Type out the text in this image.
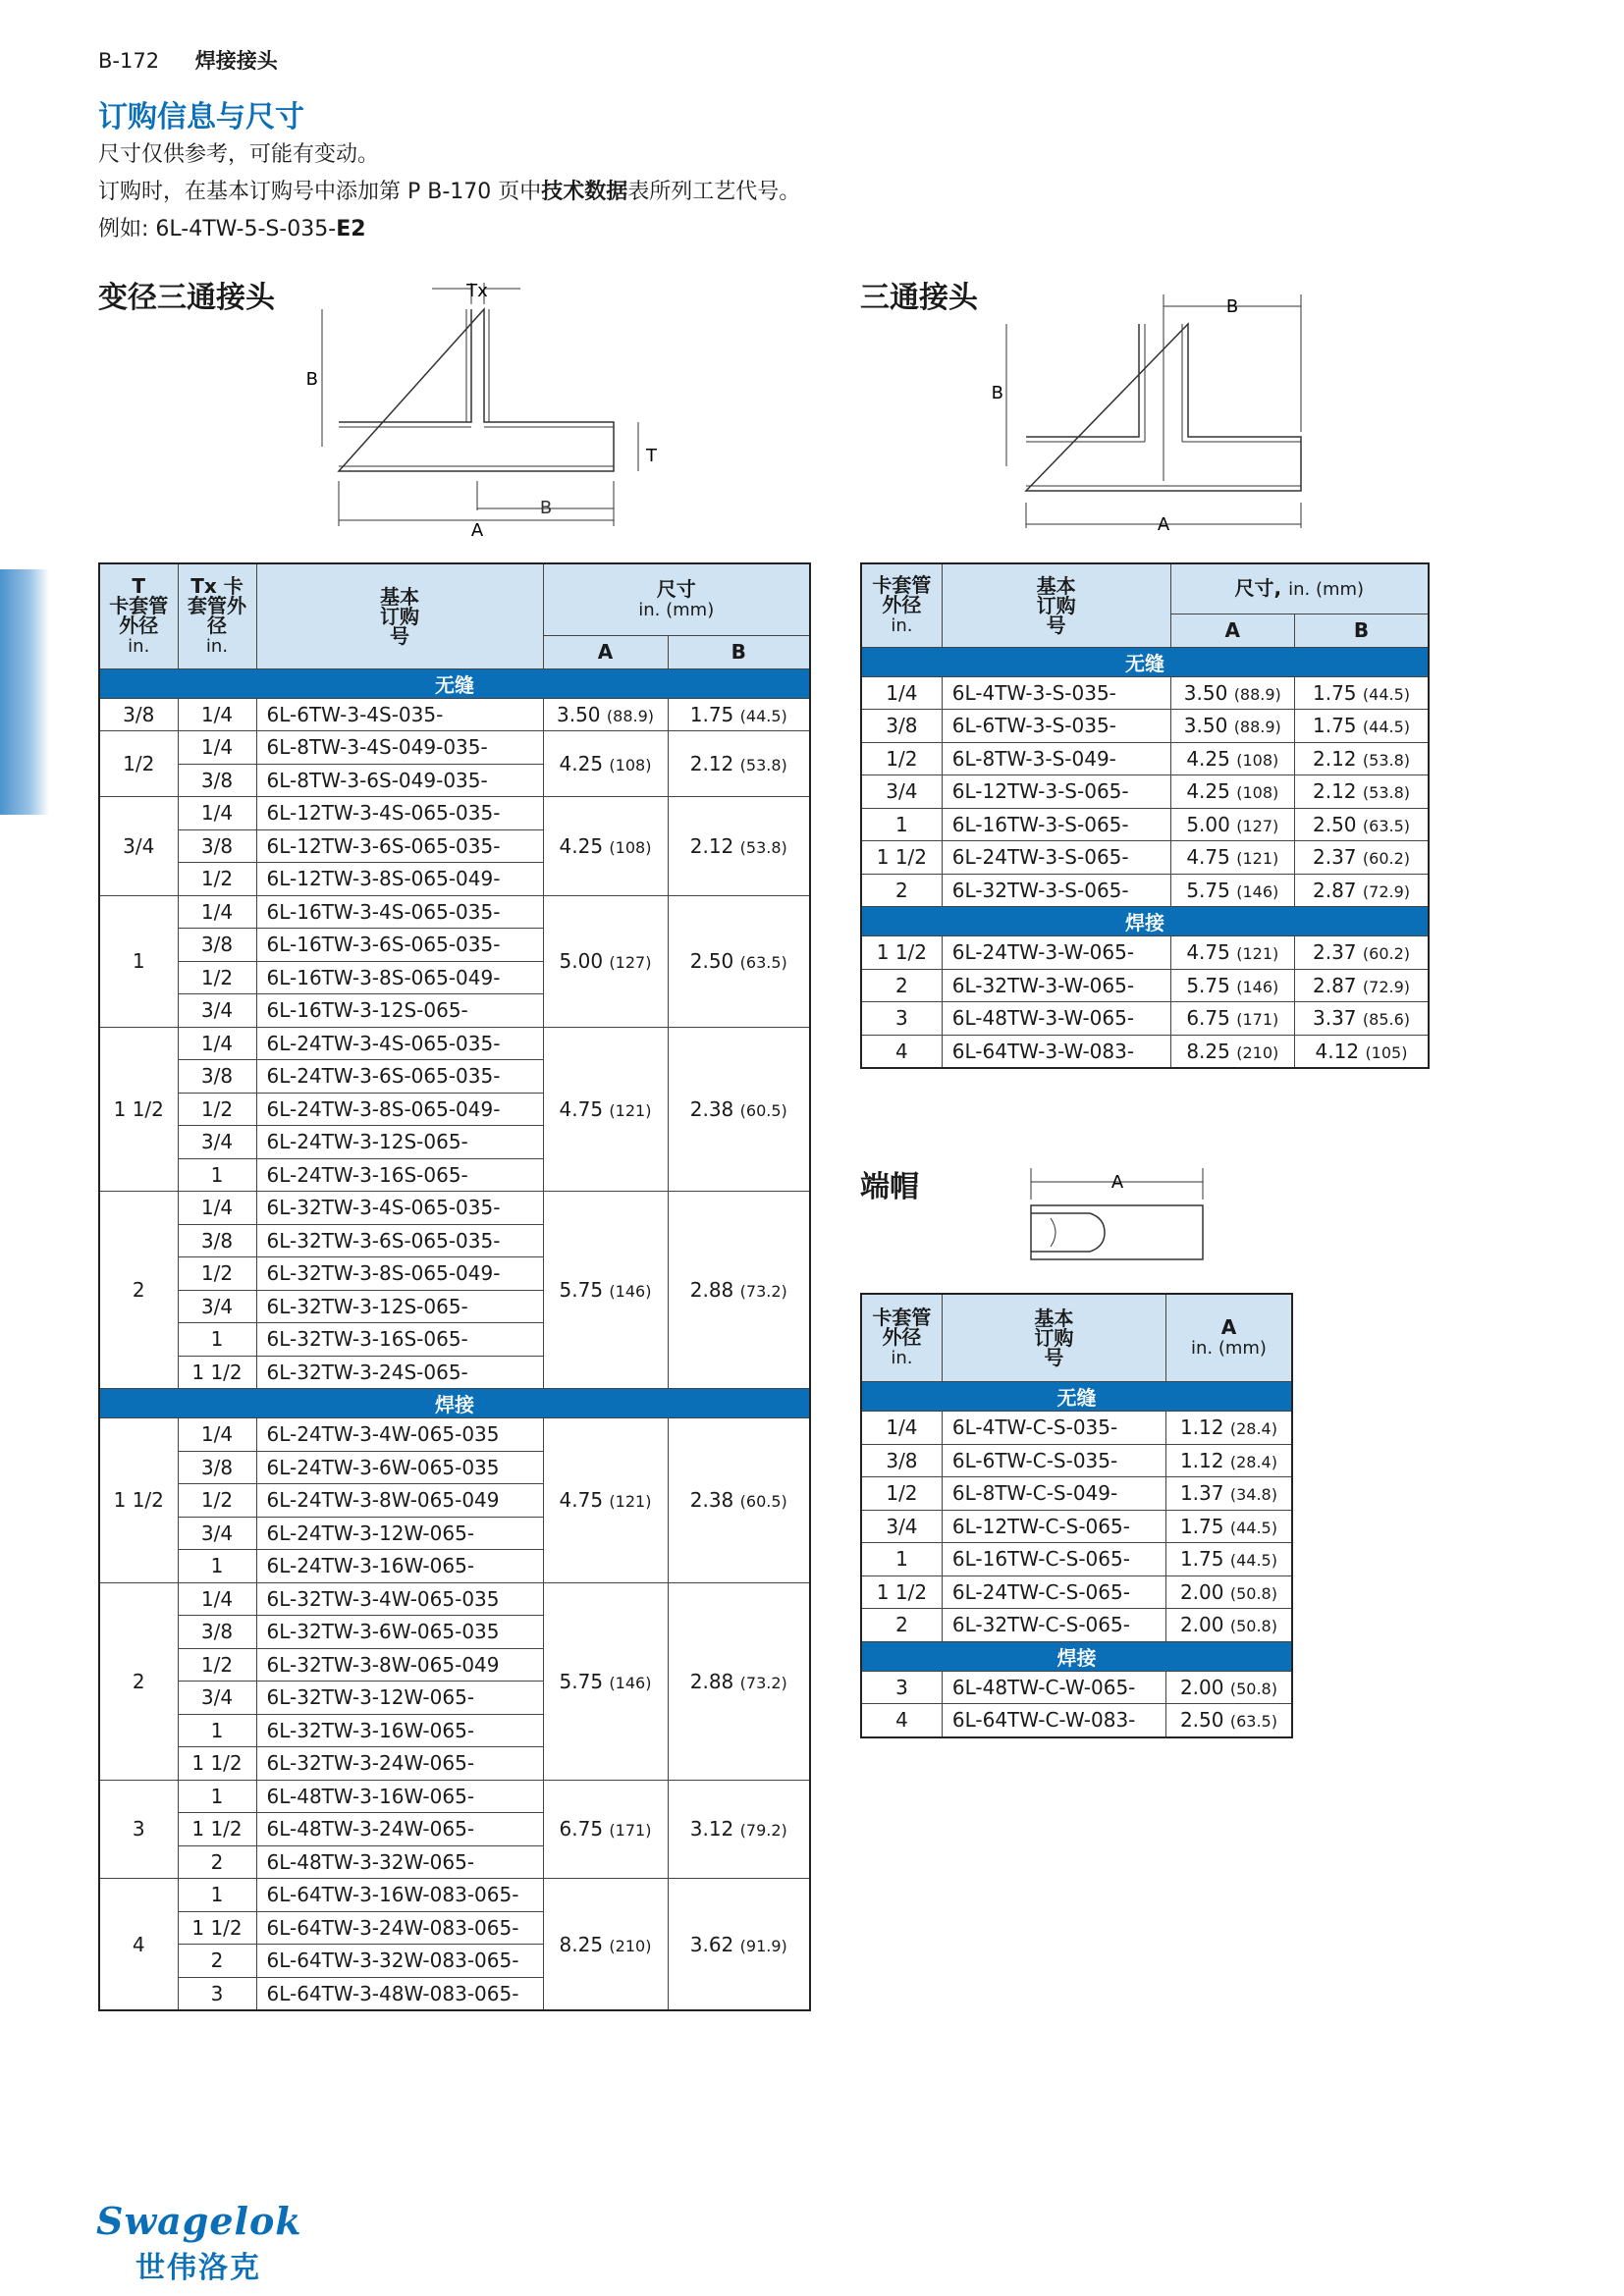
B-172 焊接接头
订购信息与尺寸
尺寸仅供参考，可能有变动。
订购时，在基本订购号中添加第 P B-170 页中技术数据表所列工艺代号。
例如: 6L-4TW-5-S-035-E2
变径三通接头	三通接头
端帽
Tx
B
T
A
B
B
B
A
A
T
卡套管
外径
in.	Tx 卡
套管外
径
in.	基本
订购
号	尺寸
in. (mm)	
			A	B
无缝				
3/8	1/4	6L-6TW-3-4S-035-	3.50 (88.9)	1.75 (44.5)
1/2	1/4	6L-8TW-3-4S-049-035-	4.25 (108)	2.12 (53.8)
	3/8	6L-8TW-3-6S-049-035-		
3/4	1/4	6L-12TW-3-4S-065-035-	4.25 (108)	2.12 (53.8)
	3/8	6L-12TW-3-6S-065-035-		
	1/2	6L-12TW-3-8S-065-049-		
1	1/4	6L-16TW-3-4S-065-035-	5.00 (127)	2.50 (63.5)
	3/8	6L-16TW-3-6S-065-035-		
	1/2	6L-16TW-3-8S-065-049-		
	3/4	6L-16TW-3-12S-065-		
1 1/2	1/4	6L-24TW-3-4S-065-035-	4.75 (121)	2.38 (60.5)
	3/8	6L-24TW-3-6S-065-035-		
	1/2	6L-24TW-3-8S-065-049-		
	3/4	6L-24TW-3-12S-065-		
	1	6L-24TW-3-16S-065-		
2	1/4	6L-32TW-3-4S-065-035-	5.75 (146)	2.88 (73.2)
	3/8	6L-32TW-3-6S-065-035-		
	1/2	6L-32TW-3-8S-065-049-		
	3/4	6L-32TW-3-12S-065-		
	1	6L-32TW-3-16S-065-		
	1 1/2	6L-32TW-3-24S-065-		
焊接				
1 1/2	1/4	6L-24TW-3-4W-065-035	4.75 (121)	2.38 (60.5)
	3/8	6L-24TW-3-6W-065-035		
	1/2	6L-24TW-3-8W-065-049		
	3/4	6L-24TW-3-12W-065-		
	1	6L-24TW-3-16W-065-		
2	1/4	6L-32TW-3-4W-065-035	5.75 (146)	2.88 (73.2)
	3/8	6L-32TW-3-6W-065-035		
	1/2	6L-32TW-3-8W-065-049		
	3/4	6L-32TW-3-12W-065-		
	1	6L-32TW-3-16W-065-		
	1 1/2	6L-32TW-3-24W-065-		
3	1	6L-48TW-3-16W-065-	6.75 (171)	3.12 (79.2)
	1 1/2	6L-48TW-3-24W-065-		
	2	6L-48TW-3-32W-065-		
4	1	6L-64TW-3-16W-083-065-	8.25 (210)	3.62 (91.9)
	1 1/2	6L-64TW-3-24W-083-065-		
	2	6L-64TW-3-32W-083-065-		
	3	6L-64TW-3-48W-083-065-		
卡套管
外径
in.	基本
订购
号	尺寸, in. (mm)	
		A	B
无缝			
1/4	6L-4TW-3-S-035-	3.50 (88.9)	1.75 (44.5)
3/8	6L-6TW-3-S-035-	3.50 (88.9)	1.75 (44.5)
1/2	6L-8TW-3-S-049-	4.25 (108)	2.12 (53.8)
3/4	6L-12TW-3-S-065-	4.25 (108)	2.12 (53.8)
1	6L-16TW-3-S-065-	5.00 (127)	2.50 (63.5)
1 1/2	6L-24TW-3-S-065-	4.75 (121)	2.37 (60.2)
2	6L-32TW-3-S-065-	5.75 (146)	2.87 (72.9)
焊接			
1 1/2	6L-24TW-3-W-065-	4.75 (121)	2.37 (60.2)
2	6L-32TW-3-W-065-	5.75 (146)	2.87 (72.9)
3	6L-48TW-3-W-065-	6.75 (171)	3.37 (85.6)
4	6L-64TW-3-W-083-	8.25 (210)	4.12 (105)
卡套管
外径
in.	基本
订购
号	A
in. (mm)
无缝		
1/4	6L-4TW-C-S-035-	1.12 (28.4)
3/8	6L-6TW-C-S-035-	1.12 (28.4)
1/2	6L-8TW-C-S-049-	1.37 (34.8)
3/4	6L-12TW-C-S-065-	1.75 (44.5)
1	6L-16TW-C-S-065-	1.75 (44.5)
1 1/2	6L-24TW-C-S-065-	2.00 (50.8)
2	6L-32TW-C-S-065-	2.00 (50.8)
焊接		
3	6L-48TW-C-W-065-	2.00 (50.8)
4	6L-64TW-C-W-083-	2.50 (63.5)
Swagelok
世伟洛克
